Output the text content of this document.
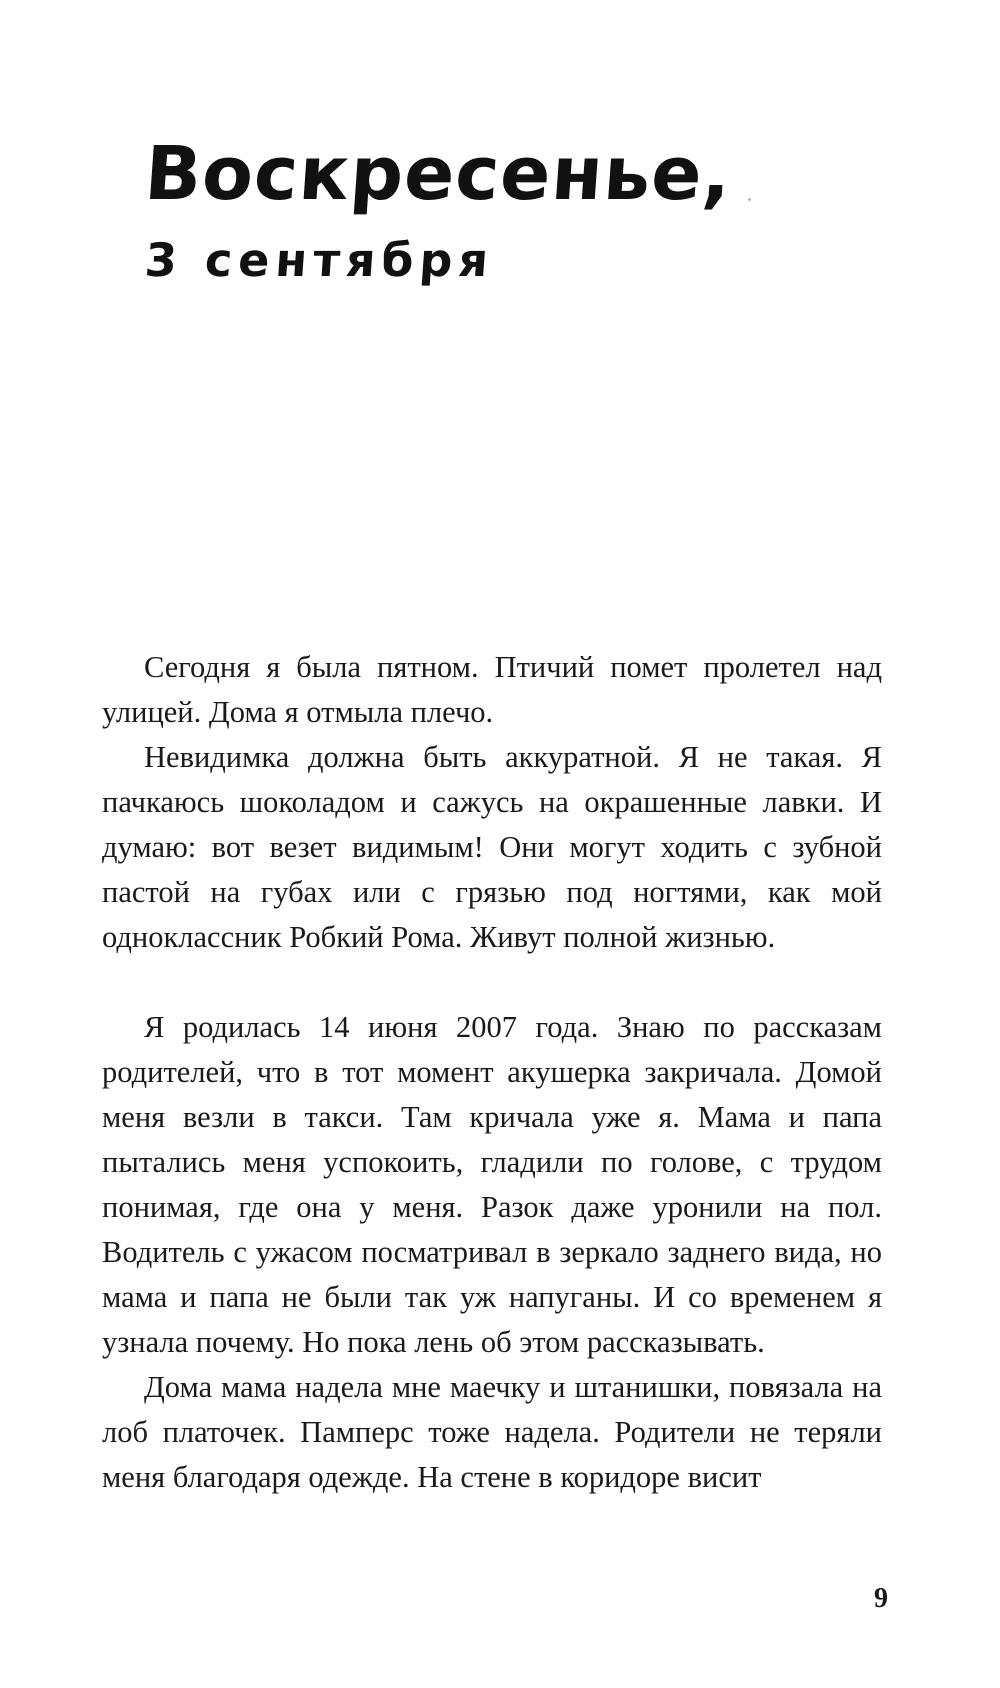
Воскресенье,
3 сентября

Сегодня я была пятном. Птичий помет пролетел над улицей. Дома я отмыла плечо.

Невидимка должна быть аккуратной. Я не такая. Я пачкаюсь шоколадом и сажусь на окрашенные лавки. И думаю: вот везет видимым! Они могут ходить с зубной пастой на губах или с грязью под ногтями, как мой одноклассник Робкий Рома. Живут полной жизнью.

Я родилась 14 июня 2007 года. Знаю по рассказам родителей, что в тот момент акушерка закричала. Домой меня везли в такси. Там кричала уже я. Мама и папа пытались меня успокоить, гладили по голове, с трудом понимая, где она у меня. Разок даже уронили на пол. Водитель с ужасом посматривал в зеркало заднего вида, но мама и папа не были так уж напуганы. И со временем я узнала почему. Но пока лень об этом рассказывать.

Дома мама надела мне маечку и штанишки, повязала на лоб платочек. Памперс тоже надела. Родители не теряли меня благодаря одежде. На стене в коридоре висит

9
